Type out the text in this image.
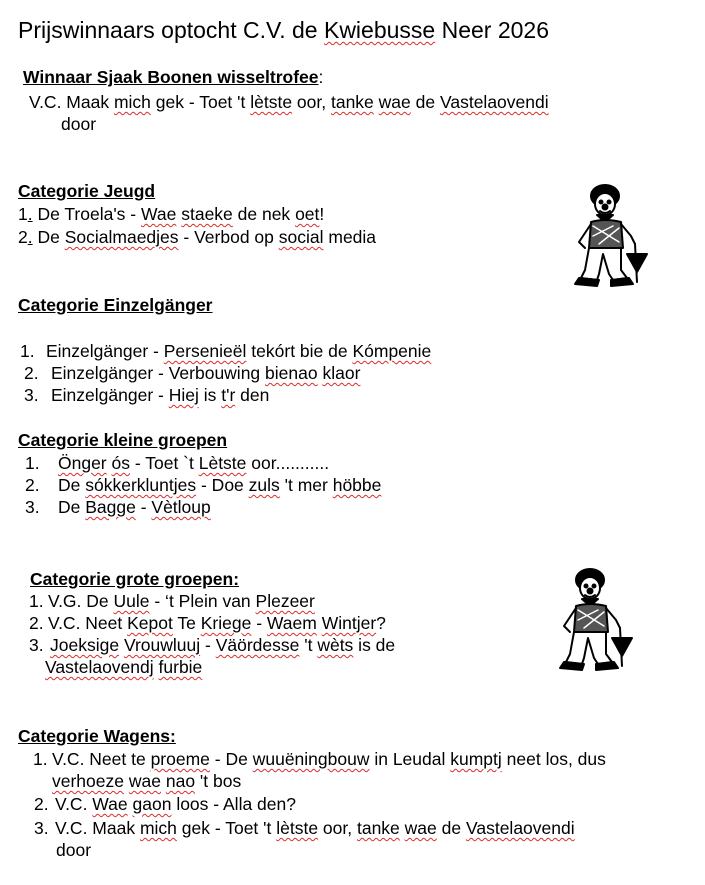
Prijswinnaars optocht C.V. de Kwiebusse Neer 2026
Winnaar Sjaak Boonen wisseltrofee:
V.C. Maak mich gek - Toet 't lètste oor, tanke wae de Vastelaovendi
door
Categorie Jeugd
1. De Troela's - Wae staeke de nek oet!
2. De Socialmaedjes - Verbod op social media
Categorie Einzelgänger
1. Einzelgänger - Persenieël tekórt bie de Kómpenie
2. Einzelgänger - Verbouwing bienao klaor
3. Einzelgänger - Hiej is t'r den
Categorie kleine groepen
1. Önger ós - Toet `t Lètste oor...........
2. De sókkerkluntjes - Doe zuls 't mer höbbe
3. De Bagge - Vètloup
Categorie grote groepen:
1. V.G. De Uule - ‘t Plein van Plezeer
2. V.C. Neet Kepot Te Kriege - Waem Wintjer?
3. Joeksige Vrouwluuj - Väördesse 't wèts is de
Vastelaovendj furbie
Categorie Wagens:
1. V.C. Neet te proeme - De wuuëningbouw in Leudal kumptj neet los, dus
verhoeze wae nao 't bos
2. V.C. Wae gaon loos - Alla den?
3. V.C. Maak mich gek - Toet 't lètste oor, tanke wae de Vastelaovendi
door
